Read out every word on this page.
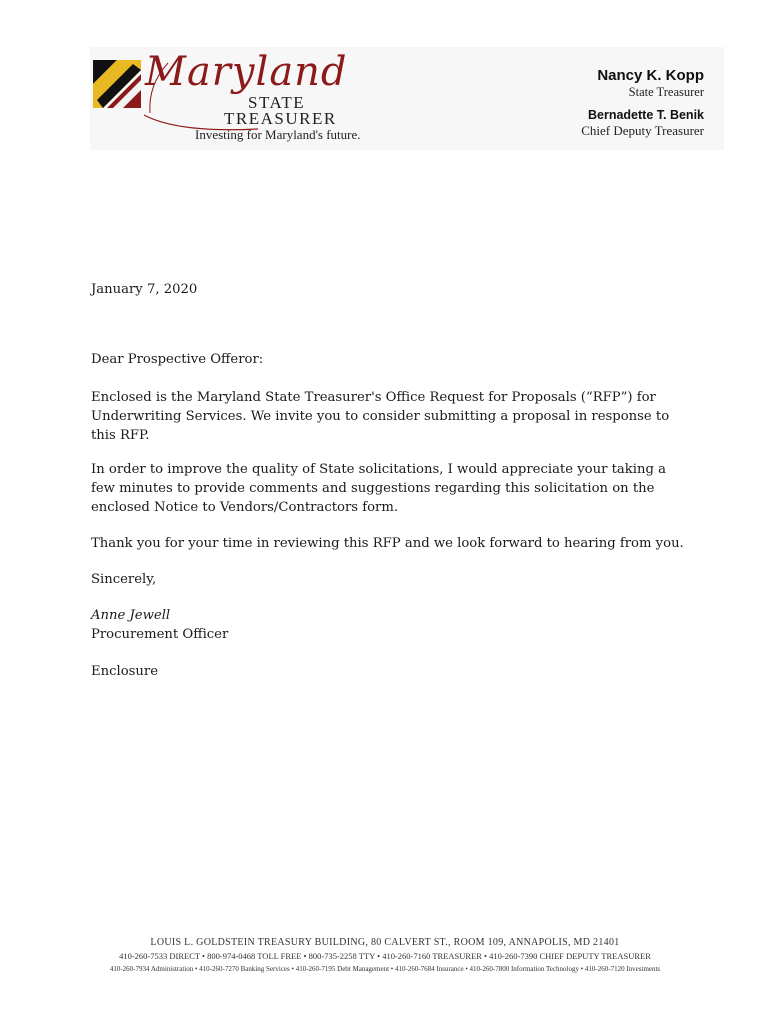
Maryland
STATE
TREASURER
Investing for Maryland's future.
Nancy K. Kopp
State Treasurer
Bernadette T. Benik
Chief Deputy Treasurer
January 7, 2020
Dear Prospective Offeror:
Enclosed is the Maryland State Treasurer's Office Request for Proposals (“RFP”) for Underwriting Services. We invite you to consider submitting a proposal in response to this RFP.
In order to improve the quality of State solicitations, I would appreciate your taking a few minutes to provide comments and suggestions regarding this solicitation on the enclosed Notice to Vendors/Contractors form.
Thank you for your time in reviewing this RFP and we look forward to hearing from you.
Sincerely,
Anne Jewell
Procurement Officer
Enclosure
LOUIS L. GOLDSTEIN TREASURY BUILDING, 80 CALVERT ST., ROOM 109, ANNAPOLIS, MD 21401
410-260-7533 DIRECT • 800-974-0468 TOLL FREE • 800-735-2258 TTY • 410-260-7160 TREASURER • 410-260-7390 CHIEF DEPUTY TREASURER
410-260-7934 Administration • 410-260-7270 Banking Services • 410-260-7195 Debt Management • 410-260-7684 Insurance • 410-260-7800 Information Technology • 410-260-7120 Investments
